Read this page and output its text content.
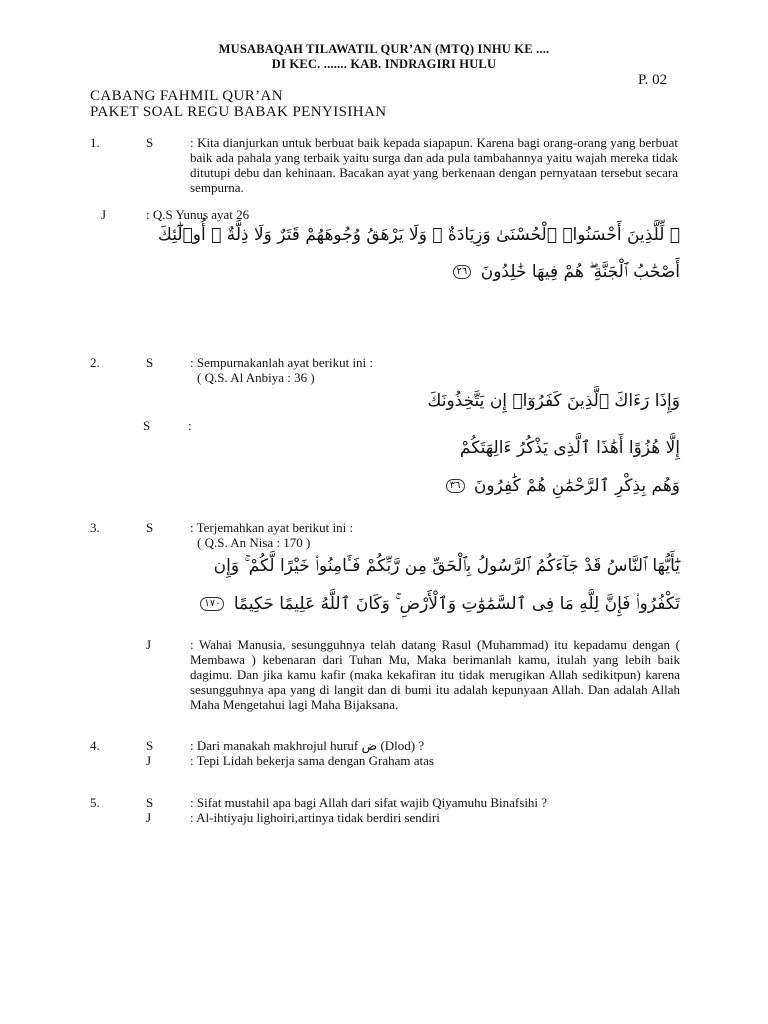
MUSABAQAH TILAWATIL QUR’AN (MTQ) INHU KE ....
DI KEC. ....... KAB. INDRAGIRI HULU
P. 02
CABANG FAHMIL QUR’AN
PAKET SOAL REGU BABAK PENYISIHAN
1.	S	: Kita dianjurkan untuk berbuat baik kepada siapapun. Karena bagi orang-orang yang berbuat baik ada pahala yang terbaik yaitu surga dan ada pula tambahannya yaitu wajah mereka tidak ditutupi debu dan kehinaan. Bacakan ayat yang berkenaan dengan pernyataan tersebut secara sempurna.
J	: Q.S Yunus ayat 26
۞ لِّلَّذِينَ أَحْسَنُوا۟ ٱلْحُسْنَىٰ وَزِيَادَةٌ ۖ وَلَا يَرْهَقُ وُجُوهَهُمْ قَتَرٌ وَلَا ذِلَّةٌ ۚ أُو۟لَٰٓئِكَ
أَصْحَٰبُ ٱلْجَنَّةِ ۖ هُمْ فِيهَا خَٰلِدُونَ ٢٦
2.	S	: Sempurnakanlah ayat berikut ini :
( Q.S. Al Anbiya : 36 )
وَإِذَا رَءَاكَ ٱلَّذِينَ كَفَرُوٓا۟ إِن يَتَّخِذُونَكَ
S	:
إِلَّا هُزُوًا أَهَٰذَا ٱلَّذِى يَذْكُرُ ءَالِهَتَكُمْ
وَهُم بِذِكْرِ ٱلرَّحْمَٰنِ هُمْ كَٰفِرُونَ ٣٦
3.	S	: Terjemahkan ayat berikut ini :
( Q.S. An Nisa : 170 )
يَٰٓأَيُّهَا ٱلنَّاسُ قَدْ جَآءَكُمُ ٱلرَّسُولُ بِٱلْحَقِّ مِن رَّبِّكُمْ فَـَٔامِنُوا۟ خَيْرًا لَّكُمْ ۚ وَإِن
تَكْفُرُوا۟ فَإِنَّ لِلَّهِ مَا فِى ٱلسَّمَٰوَٰتِ وَٱلْأَرْضِ ۚ وَكَانَ ٱللَّهُ عَلِيمًا حَكِيمًا ١٧٠
J	: Wahai Manusia, sesungguhnya telah datang Rasul (Muhammad) itu kepadamu dengan ( Membawa ) kebenaran dari Tuhan Mu, Maka berimanlah kamu, itulah yang lebih baik dagimu. Dan jika kamu kafir (maka kekafiran itu tidak merugikan Allah sedikitpun) karena sesungguhnya apa yang di langit dan di bumi itu adalah kepunyaan Allah. Dan adalah Allah Maha Mengetahui lagi Maha Bijaksana.
4.	S	: Dari manakah makhrojul huruf ض (Dlod) ?
J	: Tepi Lidah bekerja sama dengan Graham atas
5.	S	: Sifat mustahil apa bagi Allah dari sifat wajib Qiyamuhu Binafsihi ?
J	: Al-ihtiyaju lighoiri,artinya tidak berdiri sendiri
